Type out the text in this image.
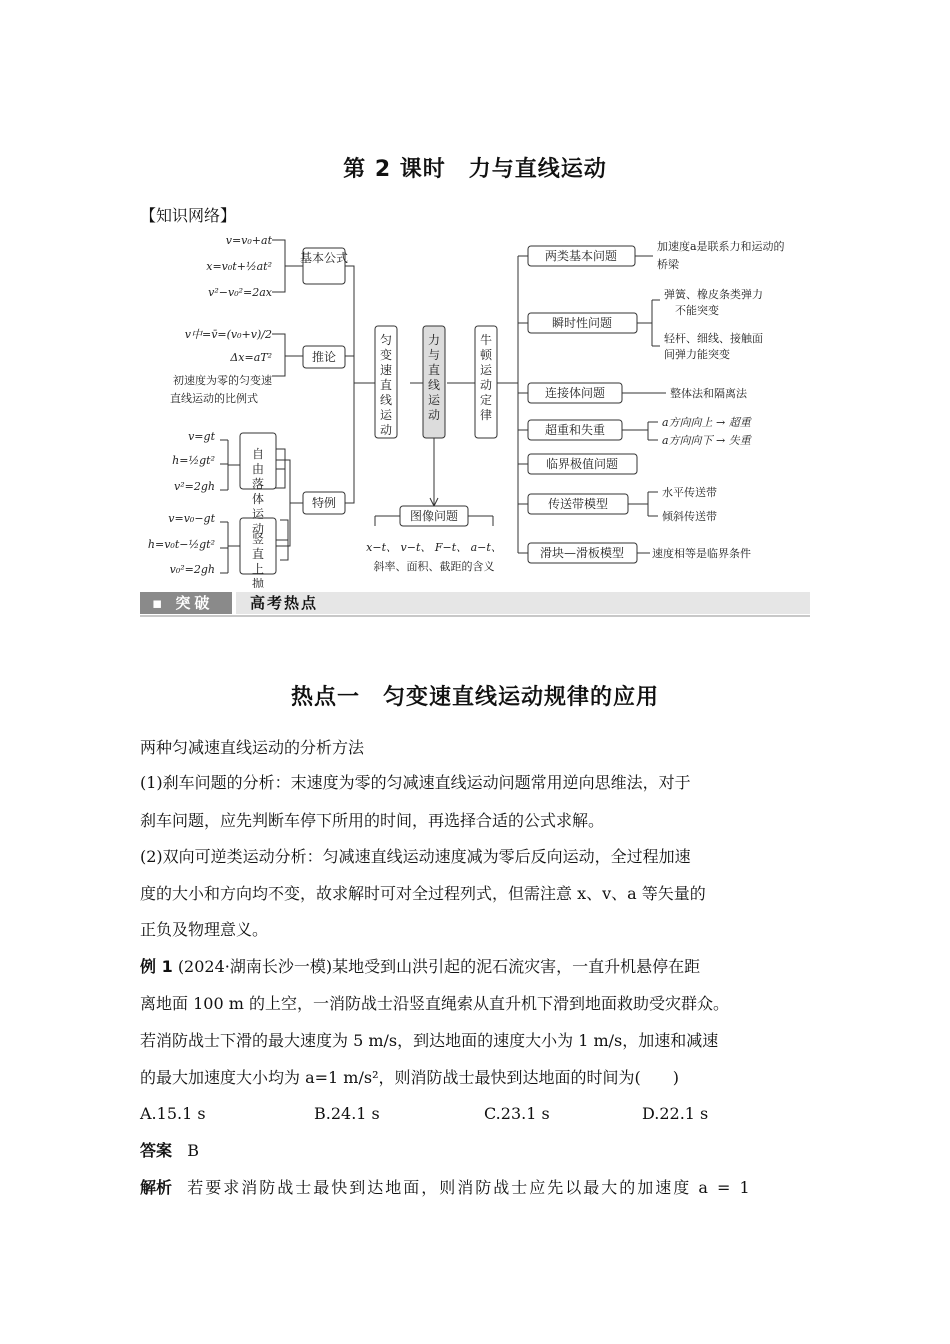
第 2 课时　力与直线运动
【知识网络】
v=v₀+at
x=v₀t+½at²
v²−v₀²=2ax
v中=v̄=(v₀+v)/2
Δx=aT²
初速度为零的匀变速
直线运动的比例式
v=gt
h=½gt²
v²=2gh
v=v₀−gt
h=v₀t−½gt²
v₀²=2gh
基本公式
推论
特例
图像问题
x−t、 v−t、 F−t、 a−t、
斜率、面积、截距的含义
自由落体运动
竖直上抛
匀变速直线运动
力与直线运动
牛顿运动定律
两类基本问题
瞬时性问题
连接体问题
超重和失重
临界极值问题
传送带模型
滑块—滑板模型
加速度a是联系力和运动的
桥梁
弹簧、橡皮条类弹力
不能突变
轻杆、细线、接触面
间弹力能突变
整体法和隔离法
a方向向上 → 超重
a方向向下 → 失重
水平传送带
倾斜传送带
速度相等是临界条件
▪ 突破	高考热点
热点一　匀变速直线运动规律的应用
两种匀减速直线运动的分析方法
(1)刹车问题的分析：末速度为零的匀减速直线运动问题常用逆向思维法，对于
刹车问题，应先判断车停下所用的时间，再选择合适的公式求解。
(2)双向可逆类运动分析：匀减速直线运动速度减为零后反向运动，全过程加速
度的大小和方向均不变，故求解时可对全过程列式，但需注意 x、v、a 等矢量的
正负及物理意义。
例 1 (2024·湖南长沙一模)某地受到山洪引起的泥石流灾害，一直升机悬停在距
离地面 100 m 的上空，一消防战士沿竖直绳索从直升机下滑到地面救助受灾群众。
若消防战士下滑的最大速度为 5 m/s，到达地面的速度大小为 1 m/s，加速和减速
的最大加速度大小均为 a=1 m/s²，则消防战士最快到达地面的时间为(　　)
A.15.1 s	B.24.1 s	C.23.1 s	D.22.1 s
答案 B
解析 若要求消防战士最快到达地面，则消防战士应先以最大的加速度 a = 1
